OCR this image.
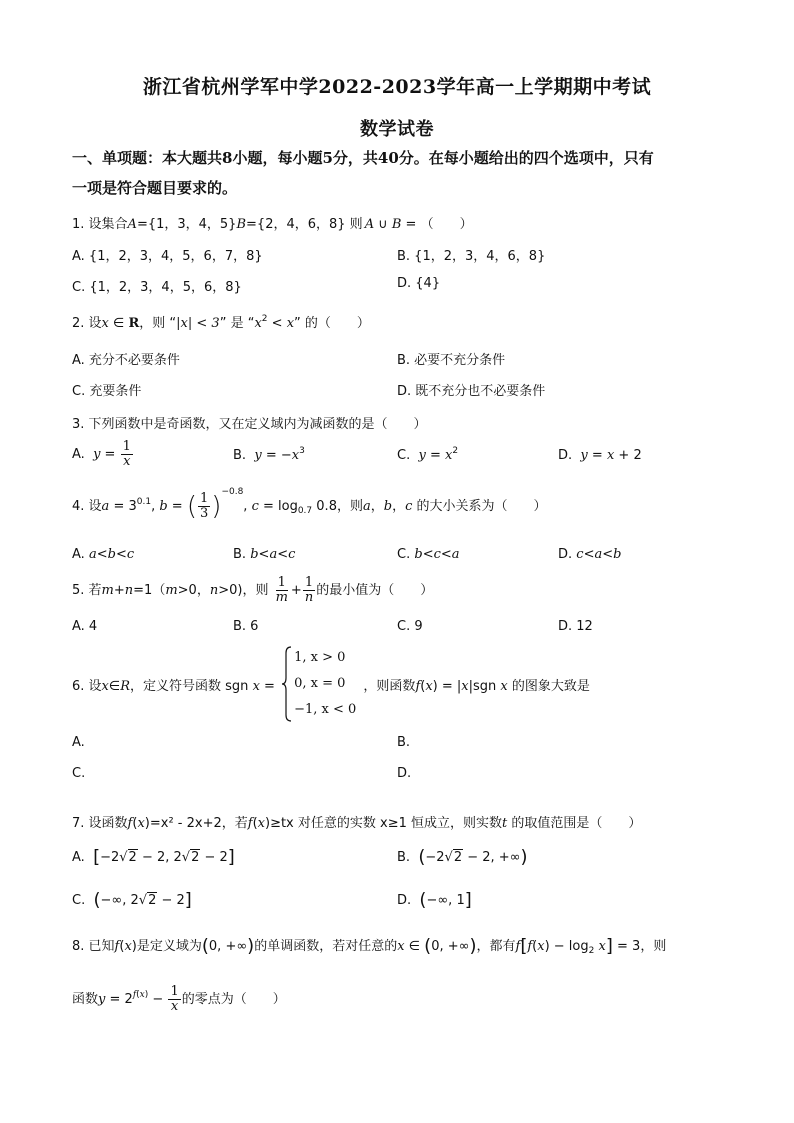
浙江省杭州学军中学2022-2023学年高一上学期期中考试
数学试卷
一、单项题：本大题共8小题，每小题5分，共40分。在每小题给出的四个选项中，只有
一项是符合题目要求的。
1. 设集合A={1，3，4，5}B={2，4，6，8} 则 A ∪ B = （　　）
A. {1，2，3，4，5，6，7，8}	B. {1，2，3，4，6，8}
C. {1，2，3，4，5，6，8}	D. {4}
2. 设x ∈ R，则 “|x| < 3” 是 “$x^2 < x$” 的（　　）
A. 充分不必要条件	B. 必要不充分条件
C. 充要条件	D. 既不充分也不必要条件
3. 下列函数中是奇函数，又在定义域内为减函数的是（　　）
A. $y = \frac{1}{x}$	B. $y = -x^3$	C. $y = x^2$	D. y = x + 2
4. 设$a = 3^{0.1}$, b = ( $\frac{1}{3} )^{-0.8}$, $c = \log_{0.7} 0.8$，则a，b，c 的大小关系为（　　）
A. a<b<c	B. b<a<c	C. b<c<a	D. c<a<b
5. 若m+n=1（m>0，n>0)，则 $\frac{1}{m} + \frac{1}{n}$ 的最小值为（　　）
A. 4	B. 6	C. 9	D. 12
6. 设x∈R，定义符号函数 sgn x =
1, x > 0
0, x = 0
−1, x < 0
，则函数f(x) = |x|sgn x 的图象大致是
A.	B.
C.	D.
7. 设函数f(x)=x² - 2x+2，若f(x)≥tx 对任意的实数 x≥1 恒成立，则实数t 的取值范围是（　　）
A. [−2√2 − 2, 2√2 − 2]	B. (−2√2 − 2, +∞)
C. (−∞, 2√2 − 2]	D. (−∞, 1]
8. 已知f(x)是定义域为(0, +∞)的单调函数，若对任意的x ∈ (0, +∞)，都有$f[f(x) - \log_2 x] = 3$，则
函数$y = 2^{f(x)} - \frac{1}{x}$ 的零点为（　　）
